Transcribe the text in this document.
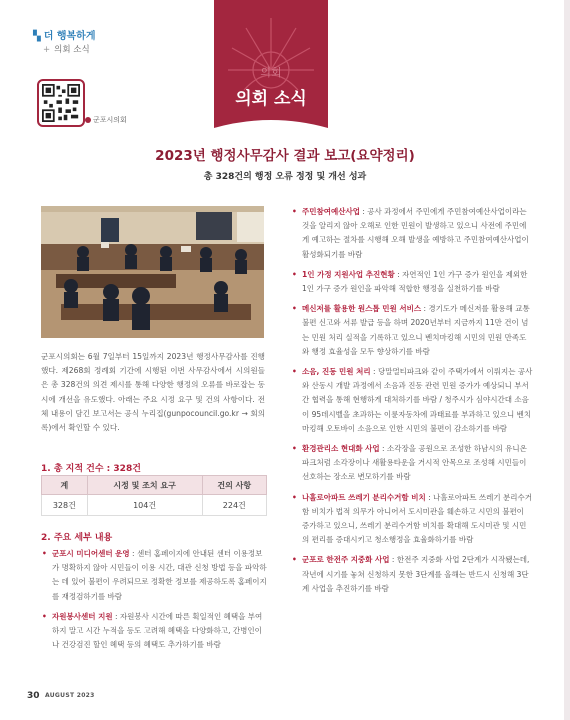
▚ 더 행복하게
+ 의회 소식
군포시의회
의회
의회 소식
2023년 행정사무감사 결과 보고(요약정리)
총 328건의 행정 오류 정정 및 개선 성과
군포시의회는 6월 7일부터 15일까지 2023년 행정사무감사를 진행했다. 제268회 정례회 기간에 시행된 이번 사무감사에서 시의원들은 총 328건의 의견 제시를 통해 다양한 행정의 오류를 바로잡는 동시에 개선을 유도했다. 아래는 주요 시정 요구 및 건의 사항이다. 전체 내용이 담긴 보고서는 공식 누리집(gunpocouncil.go.kr → 회의록)에서 확인할 수 있다.
1. 총 지적 건수 : 328건
계	시정 및 조치 요구	건의 사항
328건	104건	224건
2. 주요 세부 내용
• 군포시 미디어센터 운영 : 센터 홈페이지에 안내된 센터 이용정보가 명확하지 않아 시민들이 이용 시간, 대관 신청 방법 등을 파악하는 데 있어 불편이 우려되므로 정확한 정보를 제공하도록 홈페이지를 재정검하기를 바람
• 자원봉사센터 지원 : 자원봉사 시간에 따른 획일적인 혜택을 부여하지 말고 시간 누적을 등도 고려해 혜택을 다양화하고, 간병인이나 건강검진 할인 혜택 등의 혜택도 추가하기를 바람
• 주민참여예산사업 : 공사 과정에서 주민에게 주민참여예산사업이라는 것을 알리지 않아 오해로 인한 민원이 발생하고 있으니 사전에 주민에게 예고하는 절차를 시행해 오해 발생을 예방하고 주민참여예산사업이 활성화되기를 바람
• 1인 가정 지원사업 추진현황 : 자연적인 1인 가구 증가 원인을 제외한 1인 가구 증가 원인을 파악해 적합한 행정을 실천하기를 바람
• 메신저를 활용한 원스톱 민원 서비스 : 경기도가 메신저를 활용해 교통 불편 신고와 서류 발급 등을 하며 2020년부터 지금까지 11만 건이 넘는 민원 처리 실적을 기록하고 있으니 벤치마킹해 시민의 민원 만족도와 행정 효율성을 모두 향상하기를 바람
• 소음, 진동 민원 처리 : 당말멀티파크와 같이 주택가에서 이뤄지는 공사와 산동시 개발 과정에서 소음과 진동 관련 민원 증가가 예상되니 부서 간 협력을 통해 현행하게 대처하기를 바람 / 청주시가 심야시간대 소음이 95데시벨을 초과하는 이륜자동차에 과태료를 부과하고 있으니 벤치마킹해 오토바이 소음으로 인한 시민의 불편이 감소하기를 바람
• 환경관리소 현대화 사업 : 소각장을 공원으로 조성한 하남시의 유니온파크처럼 소각장이나 새활용타운을 거시적 안목으로 조성해 시민들이 선호하는 장소로 변모하기를 바람
• 나홀로아파트 쓰레기 분리수거함 비치 : 나홀로아파트 쓰레기 분리수거함 비치가 법적 의무가 아니어서 도시미관을 훼손하고 시민의 불편이 증가하고 있으니, 쓰레기 분리수거함 비치를 확대해 도시미관 및 시민의 편리를 증대시키고 청소행정을 효율화하기를 바람
• 군포로 한전주 지중화 사업 : 한전주 지중화 사업 2단계가 시작됐는데, 작년에 시기를 놓쳐 신청하지 못한 3단계를 올해는 반드시 신청해 3단계 사업을 추진하기를 바람
30 AUGUST 2023
